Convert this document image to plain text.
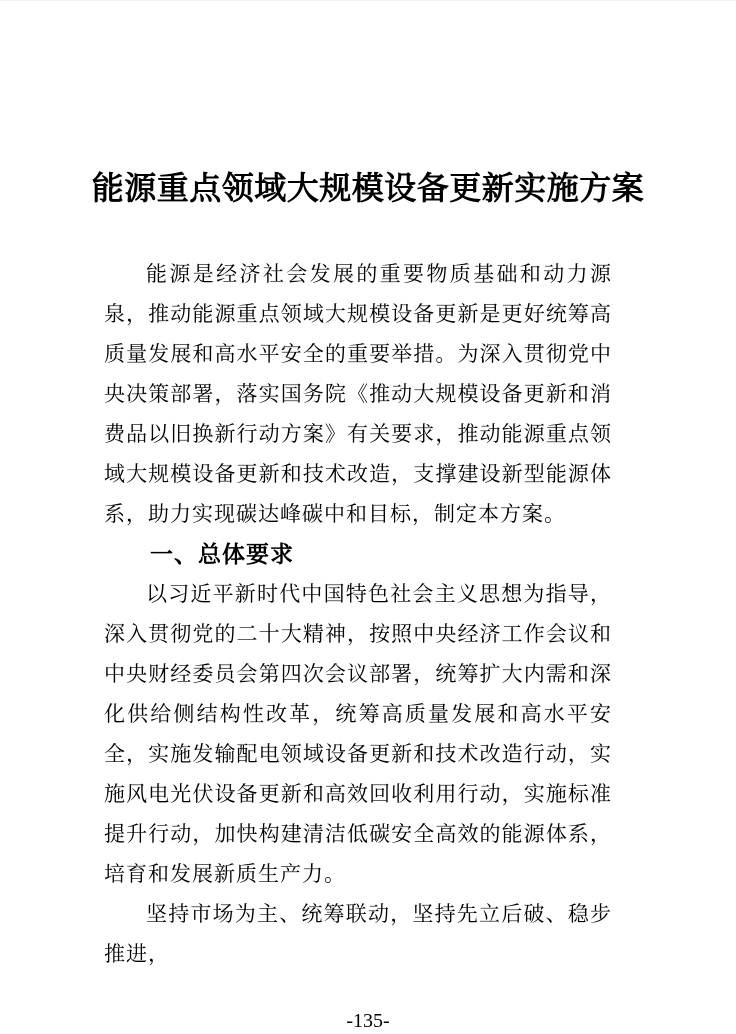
能源重点领域大规模设备更新实施方案

能源是经济社会发展的重要物质基础和动力源泉，推动能源重点领域大规模设备更新是更好统筹高质量发展和高水平安全的重要举措。为深入贯彻党中央决策部署，落实国务院《推动大规模设备更新和消费品以旧换新行动方案》有关要求，推动能源重点领域大规模设备更新和技术改造，支撑建设新型能源体系，助力实现碳达峰碳中和目标，制定本方案。

一、总体要求

以习近平新时代中国特色社会主义思想为指导，深入贯彻党的二十大精神，按照中央经济工作会议和中央财经委员会第四次会议部署，统筹扩大内需和深化供给侧结构性改革，统筹高质量发展和高水平安全，实施发输配电领域设备更新和技术改造行动，实施风电光伏设备更新和高效回收利用行动，实施标准提升行动，加快构建清洁低碳安全高效的能源体系，培育和发展新质生产力。

坚持市场为主、统筹联动，坚持先立后破、稳步推进，

-135-
